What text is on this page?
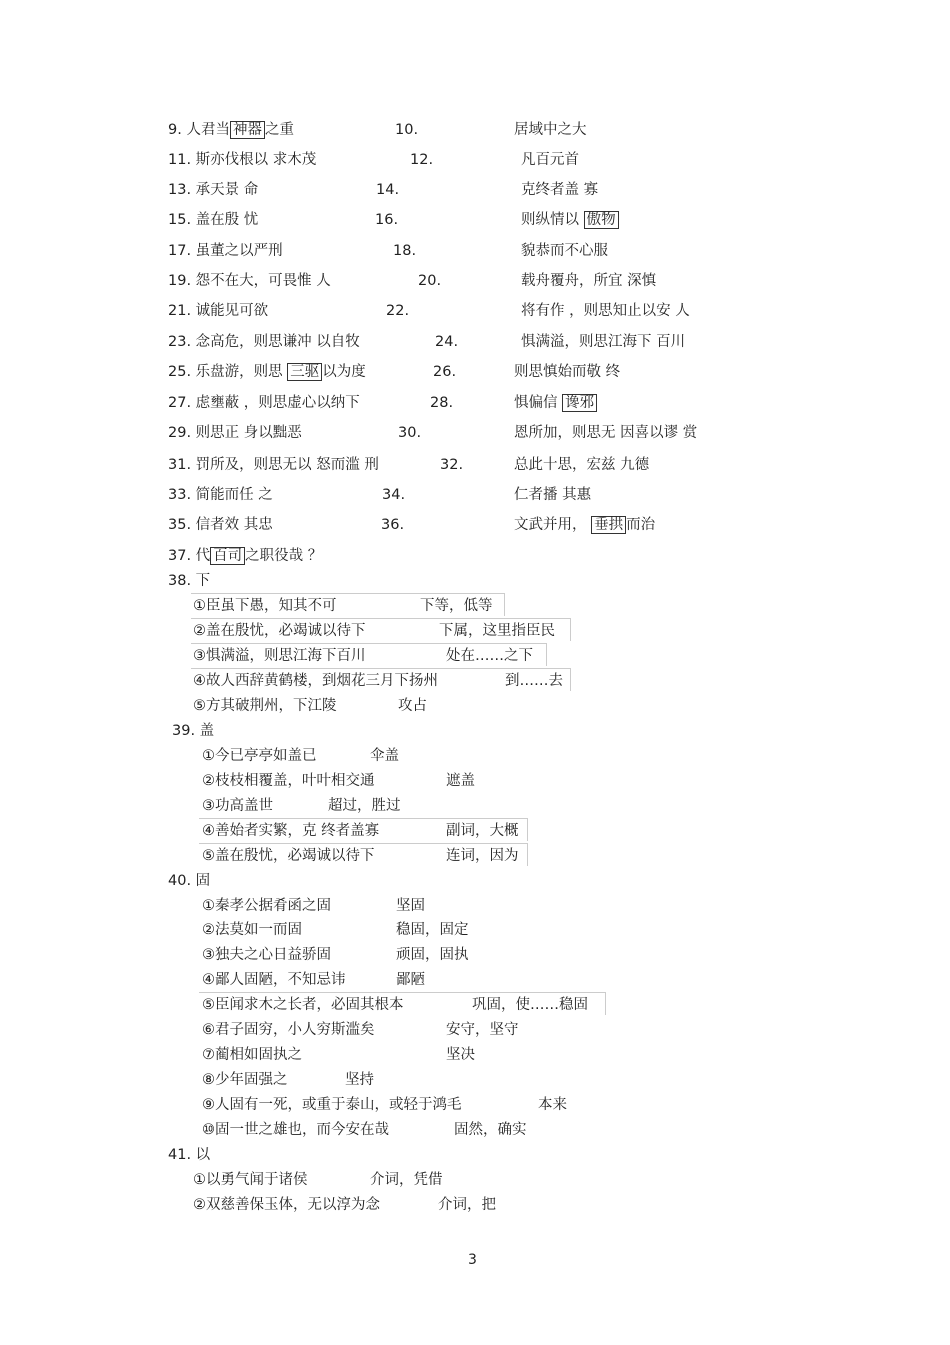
9. 人君当 神器 之重	10.	居域中之大
11. 斯亦伐根以 求木茂	12.	凡百元首
13. 承天景 命	14.	克终者盖 寡
15. 盖在殷 忧	16.	则纵情以 傲物
17. 虽董之以严刑	18.	貌恭而不心服
19. 怨不在大，可畏惟 人	20.	载舟覆舟，所宜 深慎
21. 诚能见可欲	22.	将有作 ，则思知止以安 人
23. 念高危，则思谦冲 以自牧	24.	惧满溢，则思江海下 百川
25. 乐盘游，则思 三驱 以为度	26.	则思慎始而敬 终
27. 虑壅蔽 ，则思虚心以纳下	28.	惧偏信 谗邪
29. 则思正 身以黜恶	30.	恩所加，则思无 因喜以谬 赏
31. 罚所及，则思无以 怒而滥 刑	32.	总此十思，宏兹 九德
33. 简能而任 之	34.	仁者播 其惠
35. 信者效 其忠	36.	文武并用， 垂拱 而治
37. 代 百司 之职役哉 ？
38. 下
①臣虽下愚，知其不可	下等，低等
②盖在殷忧，必竭诚以待下	下属，这里指臣民
③惧满溢，则思江海下百川	处在……之下
④故人西辞黄鹤楼，到烟花三月下扬州	到……去
⑤方其破荆州，下江陵	攻占
39. 盖
①今已亭亭如盖已	伞盖
②枝枝相覆盖，叶叶相交通	遮盖
③功高盖世	超过，胜过
④善始者实繁，克 终者盖寡	副词，大概
⑤盖在殷忧，必竭诚以待下	连词，因为
40. 固
①秦孝公据肴函之固	坚固
②法莫如一而固	稳固，固定
③独夫之心日益骄固	顽固，固执
④鄙人固陋，不知忌讳	鄙陋
⑤臣闻求木之长者，必固其根本	巩固，使……稳固
⑥君子固穷，小人穷斯滥矣	安守，坚守
⑦蔺相如固执之	坚决
⑧少年固强之	坚持
⑨人固有一死，或重于泰山，或轻于鸿毛	本来
⑩固一世之雄也，而今安在哉	固然，确实
41. 以
①以勇气闻于诸侯	介词，凭借
②双慈善保玉体，无以淳为念	介词，把
3
